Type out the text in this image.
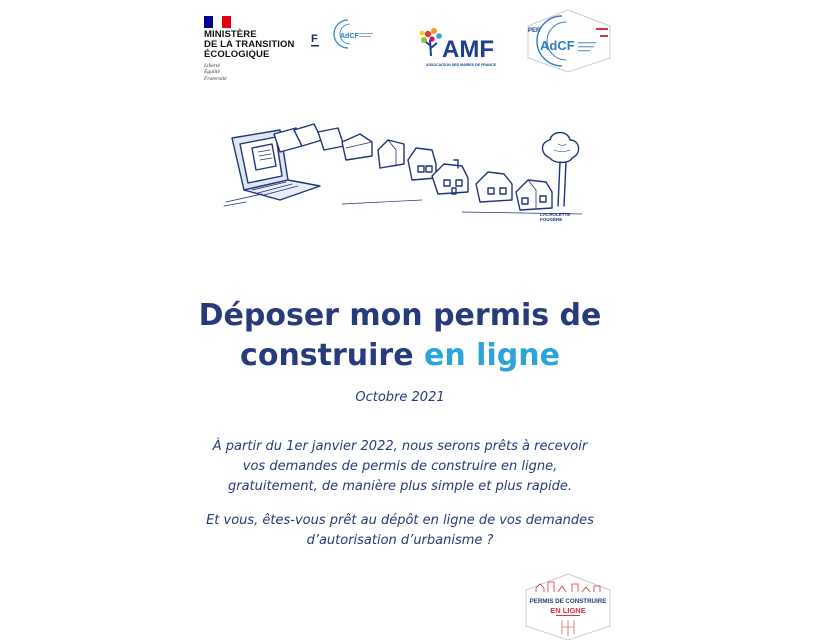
MINISTÈRE
DE LA TRANSITION
ÉCOLOGIQUE

Liberté
Égalité
Fraternité

F	AdCF	AMF
ASSOCIATION DES MAIRES DE FRANCE
PER
AdCF
LACHOLETTE FOUGÈRE
Déposer mon permis de construire en ligne
Octobre 2021

À partir du 1er janvier 2022, nous serons prêts à recevoir vos demandes de permis de construire en ligne, gratuitement, de manière plus simple et plus rapide.

Et vous, êtes-vous prêt au dépôt en ligne de vos demandes d’autorisation d’urbanisme ?

PERMIS DE CONSTRUIRE
EN LIGNE
